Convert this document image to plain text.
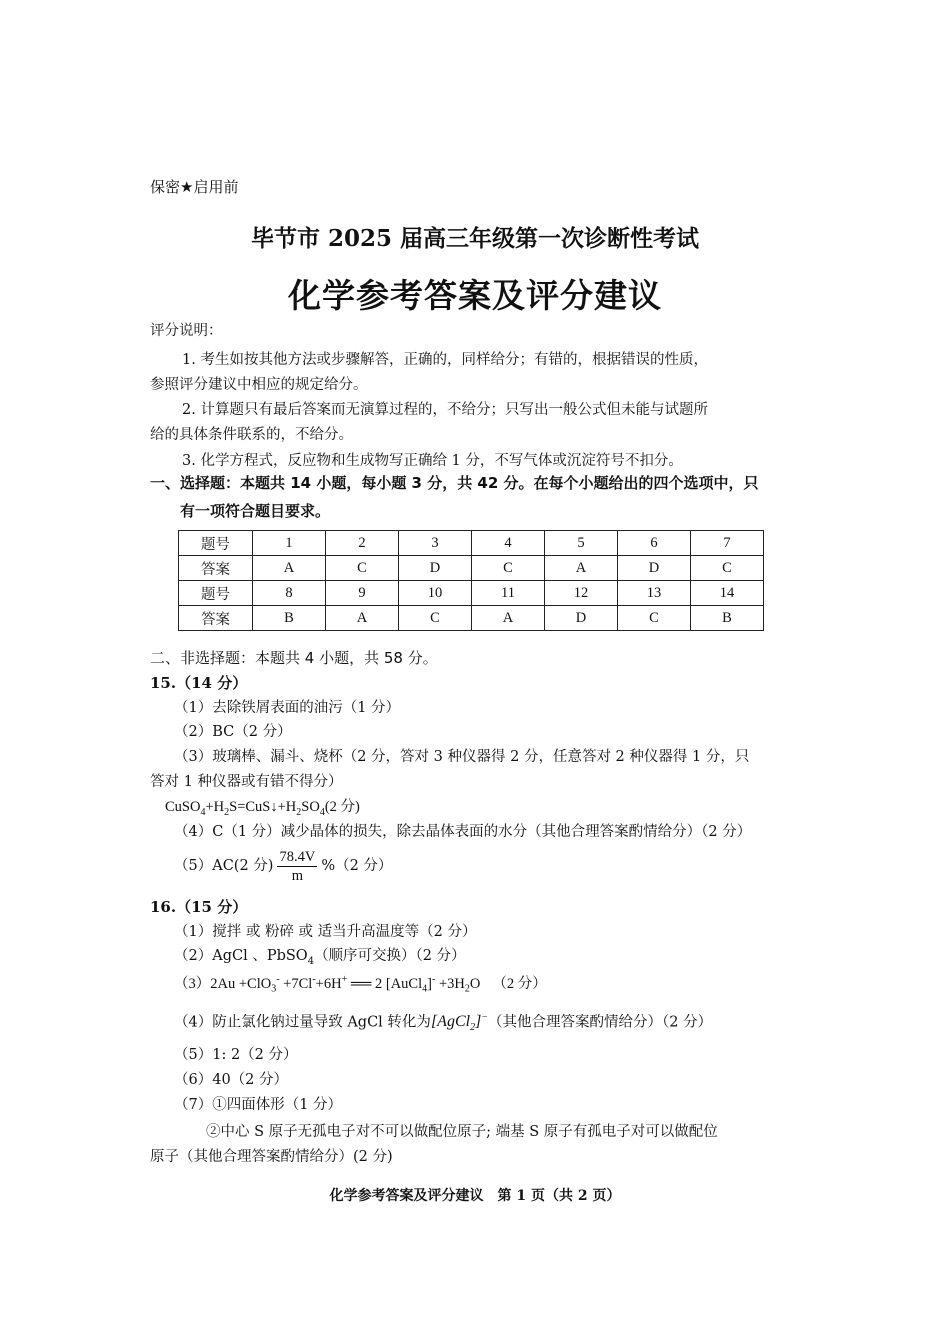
保密★启用前
毕节市 2025 届高三年级第一次诊断性考试
化学参考答案及评分建议
评分说明：
1. 考生如按其他方法或步骤解答，正确的，同样给分；有错的，根据错误的性质，
参照评分建议中相应的规定给分。
2. 计算题只有最后答案而无演算过程的，不给分；只写出一般公式但未能与试题所
给的具体条件联系的，不给分。
3. 化学方程式，反应物和生成物写正确给 1 分，不写气体或沉淀符号不扣分。
一、选择题：本题共 14 小题，每小题 3 分，共 42 分。在每个小题给出的四个选项中，只
有一项符合题目要求。
题号	1	2	3	4	5	6	7
答案	A	C	D	C	A	D	C
题号	8	9	10	11	12	13	14
答案	B	A	C	A	D	C	B
二、非选择题：本题共 4 小题，共 58 分。
15.（14 分）
（1）去除铁屑表面的油污（1 分）
（2）BC（2 分）
（3）玻璃棒、漏斗、烧杯（2 分，答对 3 种仪器得 2 分，任意答对 2 种仪器得 1 分，只
答对 1 种仪器或有错不得分）
$CuSO_4+H_2S=CuS↓+H_2SO_4(2$ 分)
（4）C（1 分）减少晶体的损失，除去晶体表面的水分（其他合理答案酌情给分）（2 分）
（5）AC(2 分) $\frac{78.4V}{m} \%(2$ 分）
16.（15 分）
（1）搅拌 或 粉碎 或 适当升高温度等（2 分）
（2）AgCl 、PbSO$_4$（顺序可交换）（2 分）
（3）2Au +ClO$_3$- +7Cl-+6H+ ══ 2 [AuCl$_4$]- $+3H_2O$ （2 分）
（4）防止氯化钠过量导致 AgCl 转化为[AgCl$_2$]−（其他合理答案酌情给分）（2 分）
（5）1: 2（2 分）
（6）40（2 分）
（7）①四面体形（1 分）
②中心 S 原子无孤电子对不可以做配位原子; 端基 S 原子有孤电子对可以做配位
原子（其他合理答案酌情给分）(2 分)
化学参考答案及评分建议　第 1 页（共 2 页）
